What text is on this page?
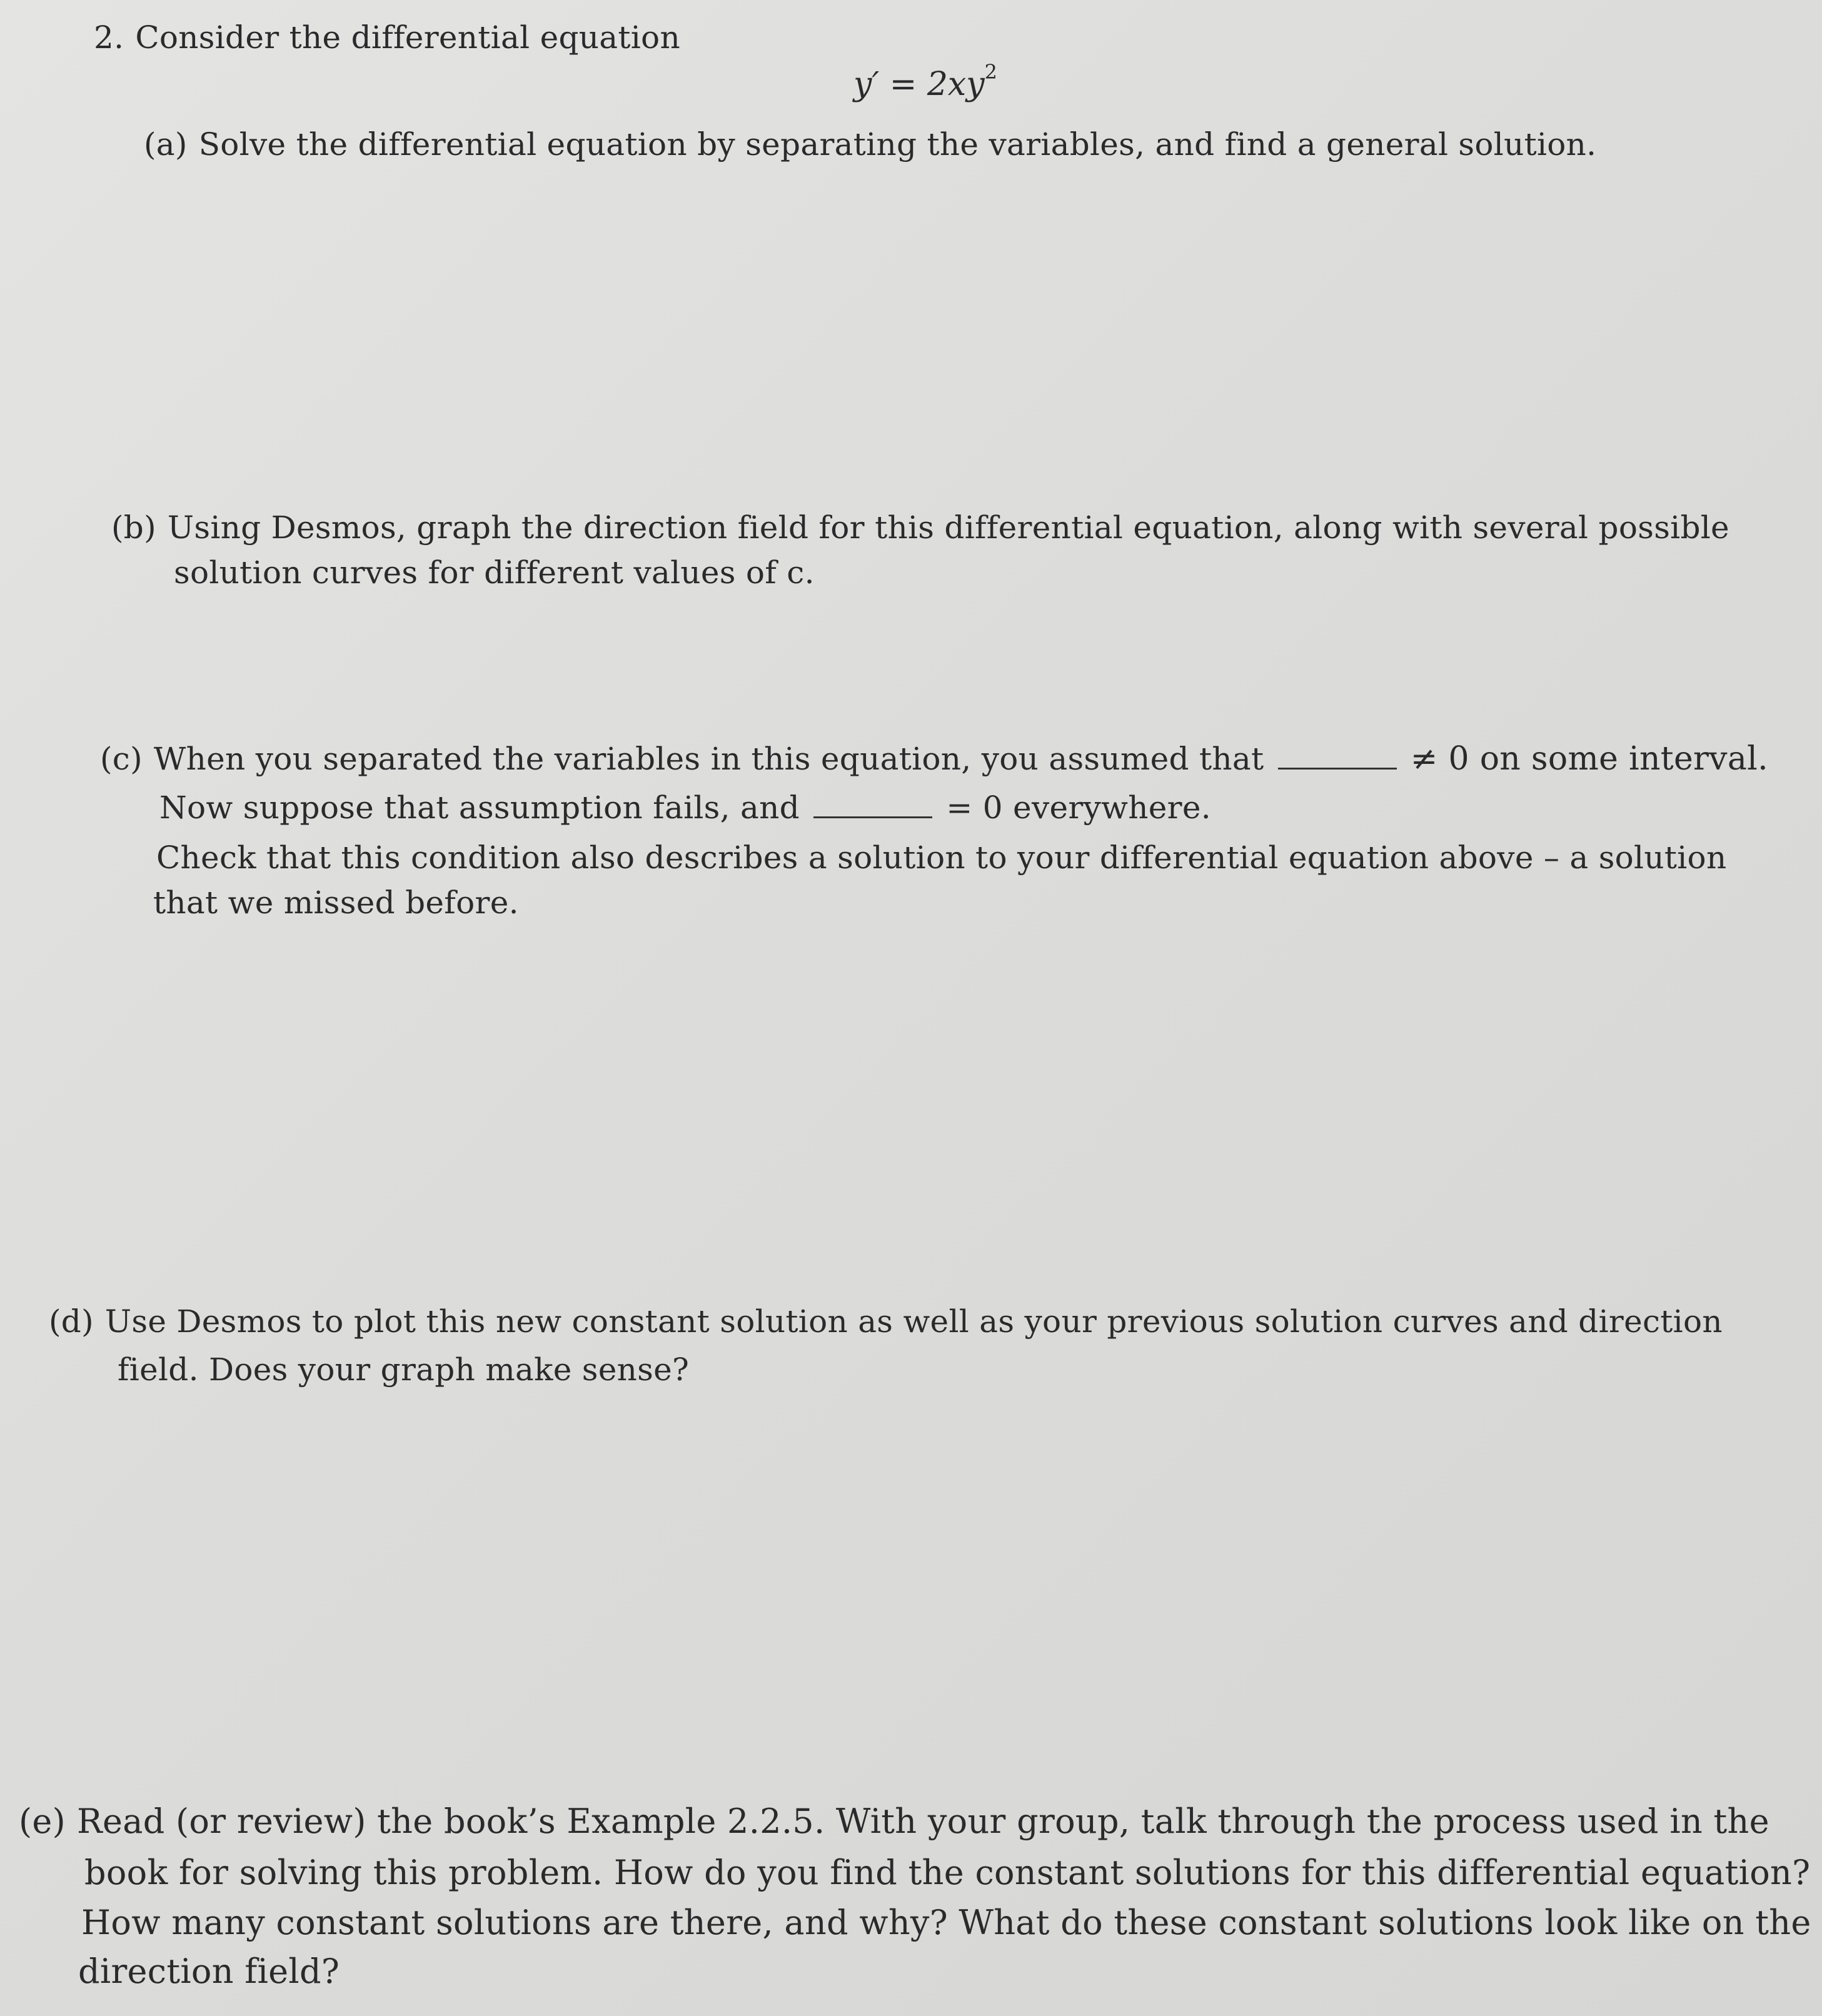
2. Consider the differential equation
$y' = 2xy^2$
(a) Solve the differential equation by separating the variables, and find a general solution.
(b) Using Desmos, graph the direction field for this differential equation, along with several possible
solution curves for different values of c.
(c) When you separated the variables in this equation, you assumed that	≠ 0 on some interval.
Now suppose that assumption fails, and	= 0 everywhere.
Check that this condition also describes a solution to your differential equation above – a solution
that we missed before.
(d) Use Desmos to plot this new constant solution as well as your previous solution curves and direction
field. Does your graph make sense?
(e) Read (or review) the book’s Example 2.2.5. With your group, talk through the process used in the
book for solving this problem. How do you find the constant solutions for this differential equation?
How many constant solutions are there, and why? What do these constant solutions look like on the
direction field?
